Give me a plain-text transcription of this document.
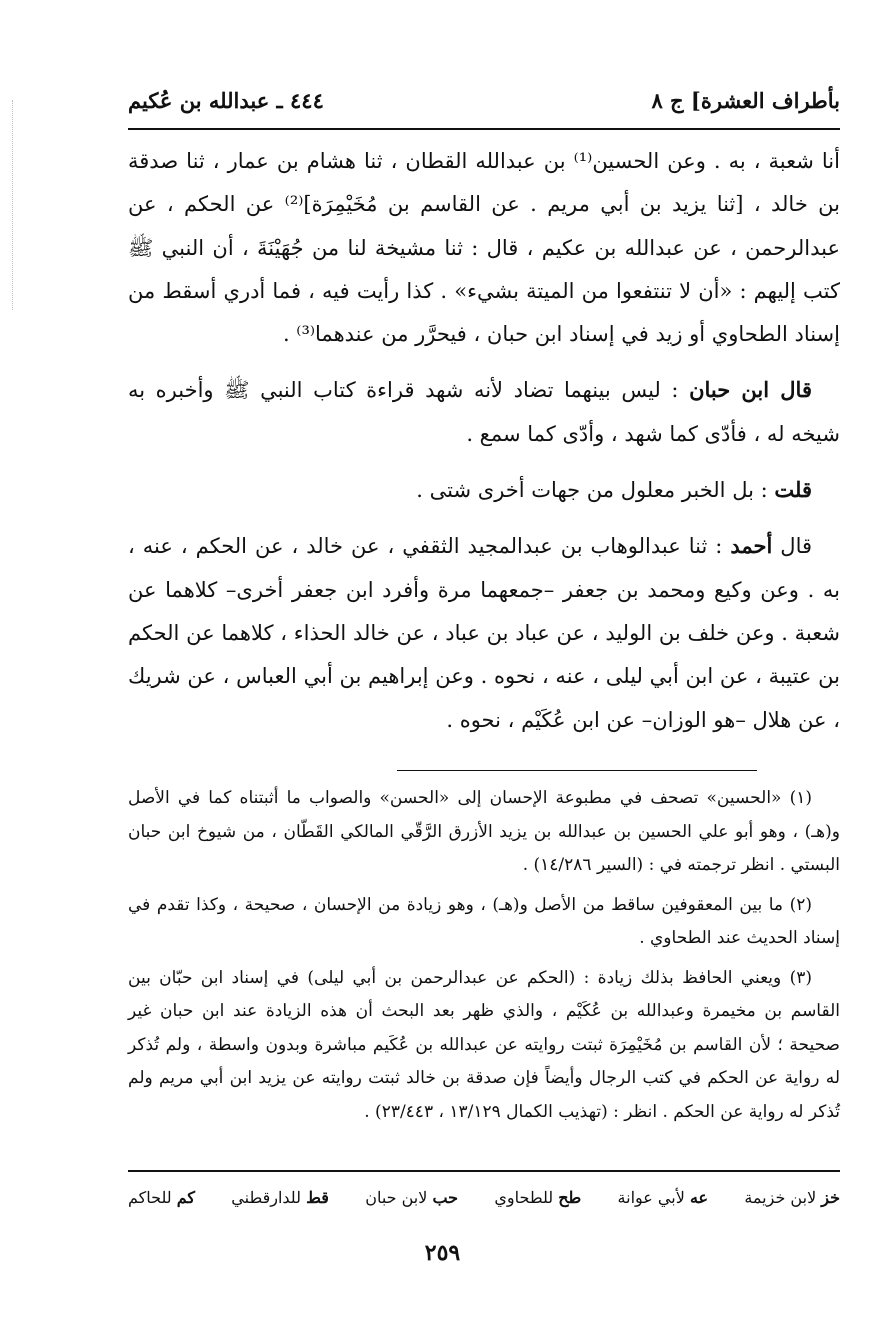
بأطراف العشرة] ج ٨
٤٤٤ ـ عبدالله بن عُكيم

أنا شعبة ، به . وعن الحسين⁽¹⁾ بن عبدالله القطان ، ثنا هشام بن عمار ، ثنا صدقة بن خالد ، [ثنا يزيد بن أبي مريم . عن القاسم بن مُخَيْمِرَة]⁽²⁾ عن الحكم ، عن عبدالرحمن ، عن عبدالله بن عكيم ، قال : ثنا مشيخة لنا من جُهَيْنَةَ ، أن النبي ﷺ كتب إليهم : «أن لا تنتفعوا من الميتة بشيء» . كذا رأيت فيه ، فما أدري أسقط من إسناد الطحاوي أو زيد في إسناد ابن حبان ، فيحرَّر من عندهما⁽³⁾ .

قال ابن حبان : ليس بينهما تضاد لأنه شهد قراءة كتاب النبي ﷺ وأخبره به شيخه له ، فأدّى كما شهد ، وأدّى كما سمع .

قلت : بل الخبر معلول من جهات أخرى شتى .

قال أحمد : ثنا عبدالوهاب بن عبدالمجيد الثقفي ، عن خالد ، عن الحكم ، عنه ، به . وعن وكيع ومحمد بن جعفر –جمعهما مرة وأفرد ابن جعفر أخرى– كلاهما عن شعبة . وعن خلف بن الوليد ، عن عباد بن عباد ، عن خالد الحذاء ، كلاهما عن الحكم بن عتيبة ، عن ابن أبي ليلى ، عنه ، نحوه . وعن إبراهيم بن أبي العباس ، عن شريك ، عن هلال –هو الوزان– عن ابن عُكَيْم ، نحوه .

(١) «الحسين» تصحف في مطبوعة الإحسان إلى «الحسن» والصواب ما أثبتناه كما في الأصل و(هـ) ، وهو أبو علي الحسين بن عبدالله بن يزيد الأزرق الرَّقّي المالكي القَطّان ، من شيوخ ابن حبان البستي . انظر ترجمته في : (السير ١٤/٢٨٦) .

(٢) ما بين المعقوفين ساقط من الأصل و(هـ) ، وهو زيادة من الإحسان ، صحيحة ، وكذا تقدم في إسناد الحديث عند الطحاوي .

(٣) ويعني الحافظ بذلك زيادة : (الحكم عن عبدالرحمن بن أبي ليلى) في إسناد ابن حبّان بين القاسم بن مخيمرة وعبدالله بن عُكَيْم ، والذي ظهر بعد البحث أن هذه الزيادة عند ابن حبان غير صحيحة ؛ لأن القاسم بن مُخَيْمِرَة ثبتت روايته عن عبدالله بن عُكَيم مباشرة وبدون واسطة ، ولم تُذكر له رواية عن الحكم في كتب الرجال وأيضاً فإن صدقة بن خالد ثبتت روايته عن يزيد ابن أبي مريم ولم تُذكر له رواية عن الحكم . انظر : (تهذيب الكمال ١٣/١٢٩ ، ٢٣/٤٤٣) .

خز لابن خزيمة
عه لأبي عوانة
طح للطحاوي
حب لابن حبان
قط للدارقطني
كم للحاكم
٢٥٩
